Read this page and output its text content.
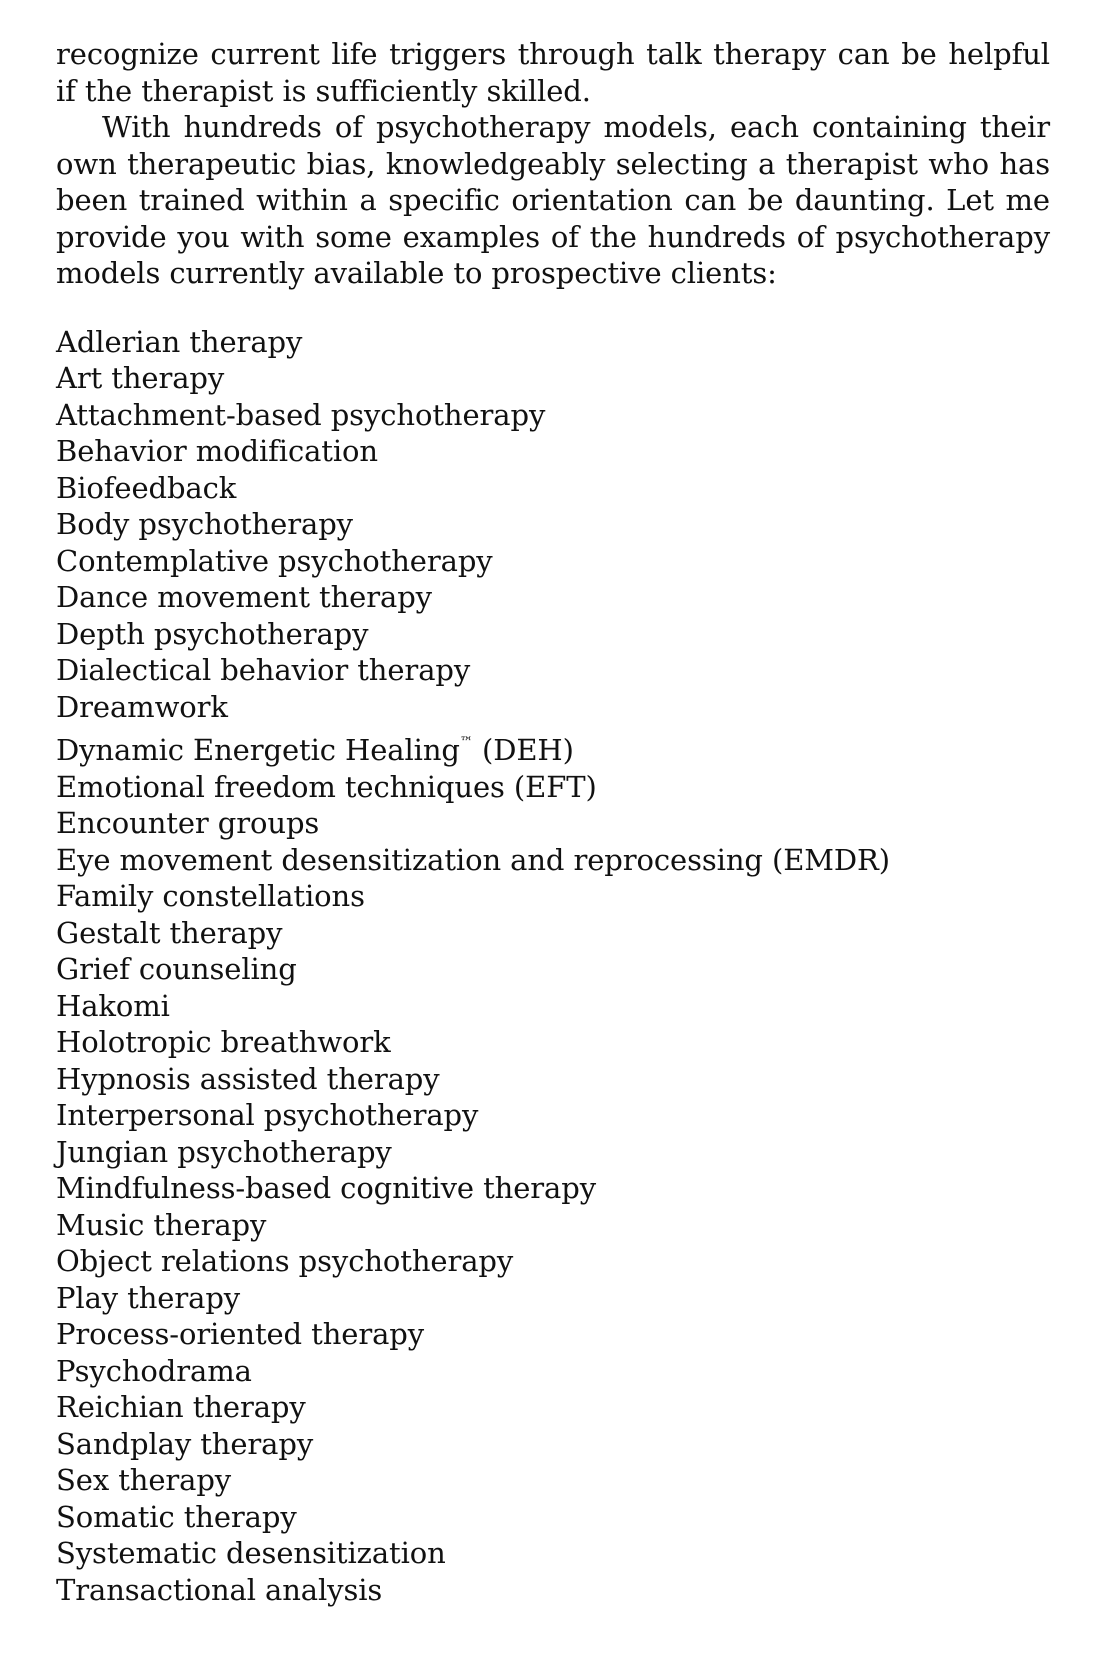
recognize current life triggers through talk therapy can be helpful if the therapist is sufficiently skilled.

With hundreds of psychotherapy models, each containing their own therapeutic bias, knowledgeably selecting a therapist who has been trained within a specific orientation can be daunting. Let me provide you with some examples of the hundreds of psychotherapy models currently available to prospective clients:

Adlerian therapy
Art therapy
Attachment-based psychotherapy
Behavior modification
Biofeedback
Body psychotherapy
Contemplative psychotherapy
Dance movement therapy
Depth psychotherapy
Dialectical behavior therapy
Dreamwork
Dynamic Energetic Healing™ (DEH)
Emotional freedom techniques (EFT)
Encounter groups
Eye movement desensitization and reprocessing (EMDR)
Family constellations
Gestalt therapy
Grief counseling
Hakomi
Holotropic breathwork
Hypnosis assisted therapy
Interpersonal psychotherapy
Jungian psychotherapy
Mindfulness-based cognitive therapy
Music therapy
Object relations psychotherapy
Play therapy
Process-oriented therapy
Psychodrama
Reichian therapy
Sandplay therapy
Sex therapy
Somatic therapy
Systematic desensitization
Transactional analysis
